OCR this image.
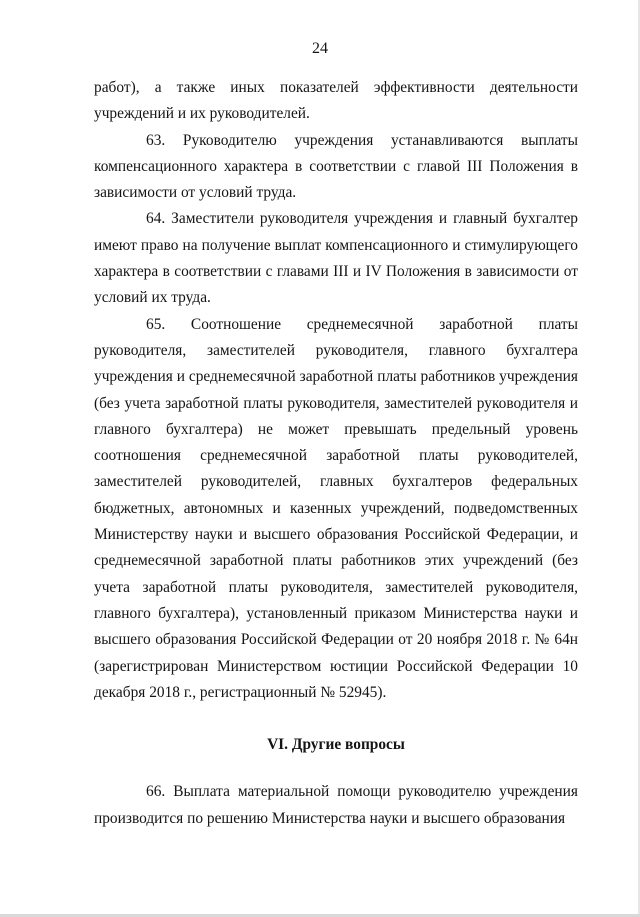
24

работ), а также иных показателей эффективности деятельности учреждений и их руководителей.

63. Руководителю учреждения устанавливаются выплаты компенсационного характера в соответствии с главой III Положения в зависимости от условий труда.

64. Заместители руководителя учреждения и главный бухгалтер имеют право на получение выплат компенсационного и стимулирующего характера в соответствии с главами III и IV Положения в зависимости от условий их труда.

65. Соотношение среднемесячной заработной платы руководителя, заместителей руководителя, главного бухгалтера учреждения и среднемесячной заработной платы работников учреждения (без учета заработной платы руководителя, заместителей руководителя и главного бухгалтера) не может превышать предельный уровень соотношения среднемесячной заработной платы руководителей, заместителей руководителей, главных бухгалтеров федеральных бюджетных, автономных и казенных учреждений, подведомственных Министерству науки и высшего образования Российской Федерации, и среднемесячной заработной платы работников этих учреждений (без учета заработной платы руководителя, заместителей руководителя, главного бухгалтера), установленный приказом Министерства науки и высшего образования Российской Федерации от 20 ноября 2018 г. № 64н (зарегистрирован Министерством юстиции Российской Федерации 10 декабря 2018 г., регистрационный № 52945).

VI. Другие вопросы

66. Выплата материальной помощи руководителю учреждения производится по решению Министерства науки и высшего образования
